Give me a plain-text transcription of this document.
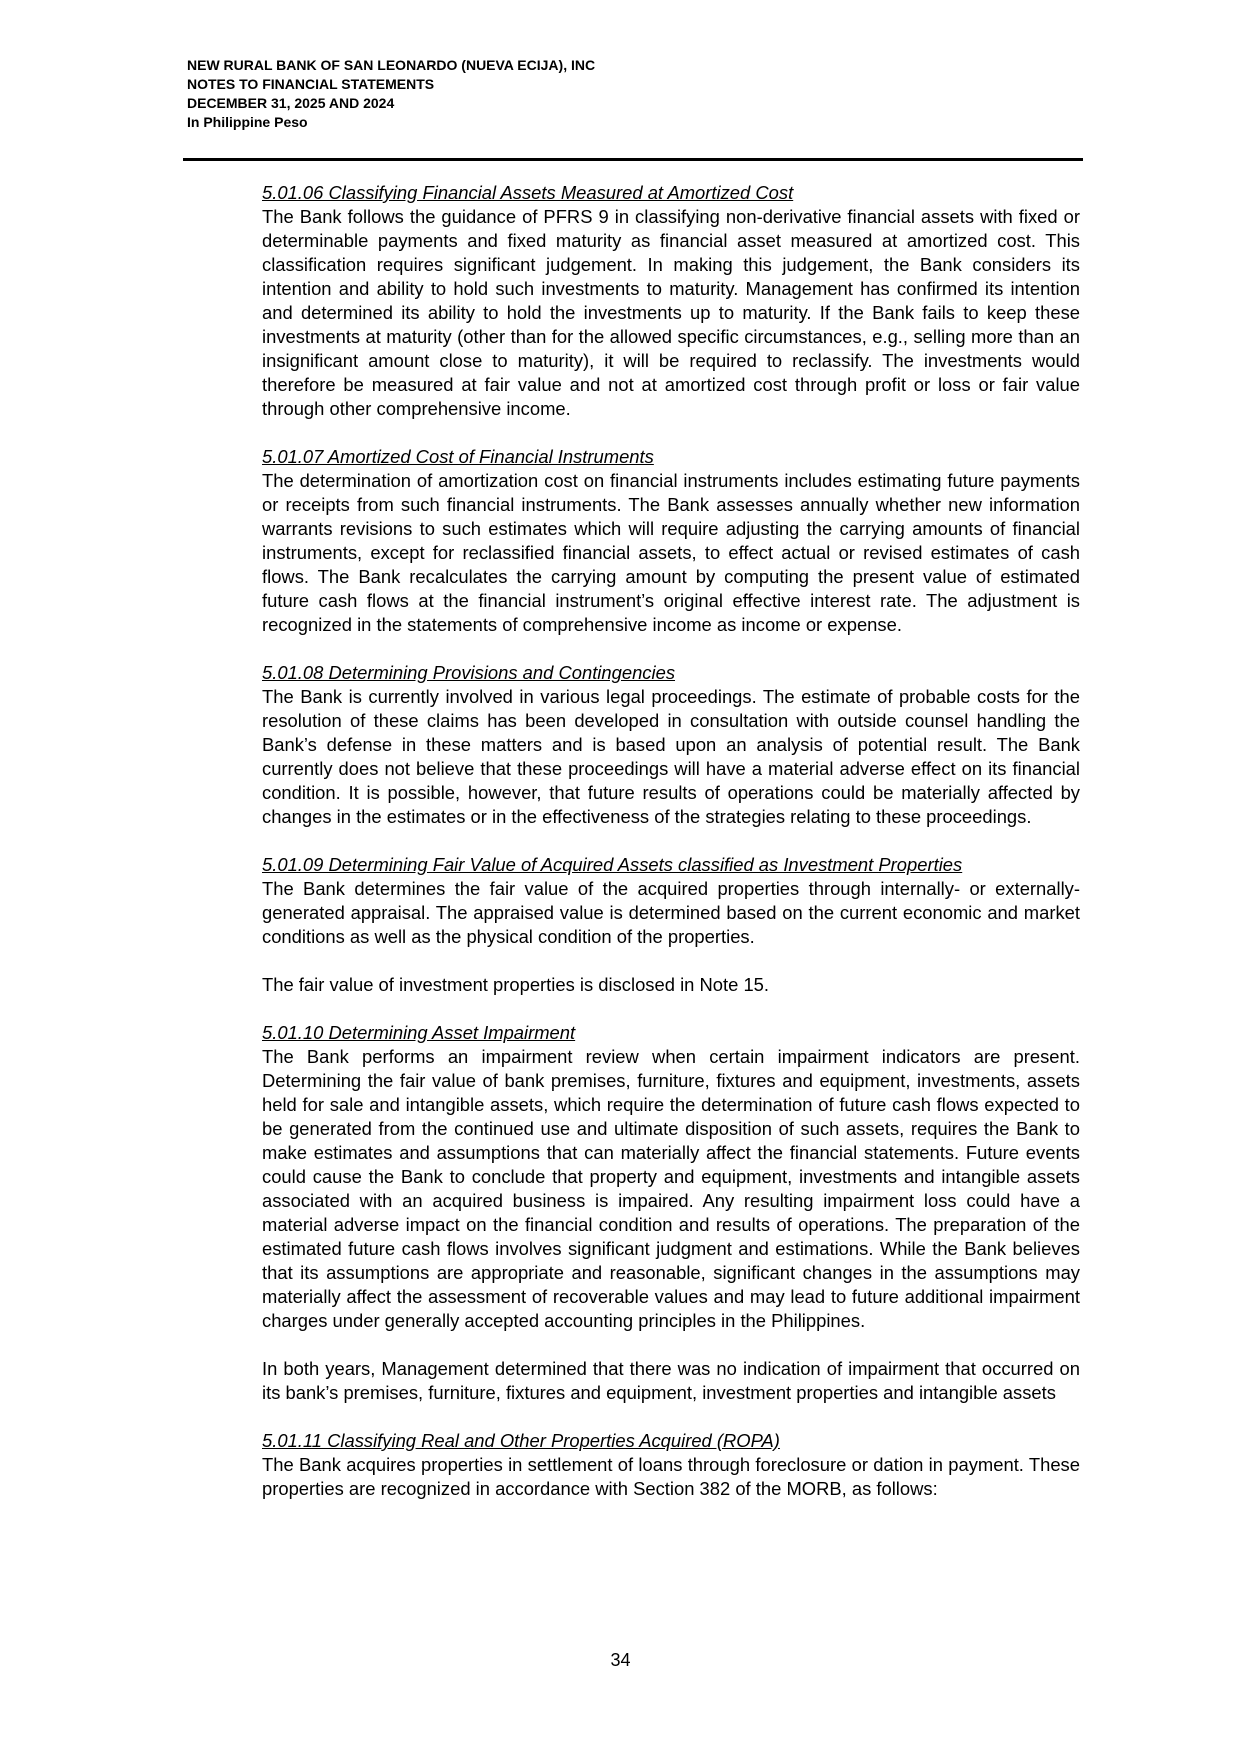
NEW RURAL BANK OF SAN LEONARDO (NUEVA ECIJA), INC
NOTES TO FINANCIAL STATEMENTS
DECEMBER 31, 2025 AND 2024
In Philippine Peso
5.01.06 Classifying Financial Assets Measured at Amortized Cost

The Bank follows the guidance of PFRS 9 in classifying non-derivative financial assets with fixed or determinable payments and fixed maturity as financial asset measured at amortized cost. This classification requires significant judgement. In making this judgement, the Bank considers its intention and ability to hold such investments to maturity. Management has confirmed its intention and determined its ability to hold the investments up to maturity. If the Bank fails to keep these investments at maturity (other than for the allowed specific circumstances, e.g., selling more than an insignificant amount close to maturity), it will be required to reclassify. The investments would therefore be measured at fair value and not at amortized cost through profit or loss or fair value through other comprehensive income.

5.01.07 Amortized Cost of Financial Instruments

The determination of amortization cost on financial instruments includes estimating future payments or receipts from such financial instruments. The Bank assesses annually whether new information warrants revisions to such estimates which will require adjusting the carrying amounts of financial instruments, except for reclassified financial assets, to effect actual or revised estimates of cash flows. The Bank recalculates the carrying amount by computing the present value of estimated future cash flows at the financial instrument’s original effective interest rate. The adjustment is recognized in the statements of comprehensive income as income or expense.

5.01.08 Determining Provisions and Contingencies

The Bank is currently involved in various legal proceedings. The estimate of probable costs for the resolution of these claims has been developed in consultation with outside counsel handling the Bank’s defense in these matters and is based upon an analysis of potential result. The Bank currently does not believe that these proceedings will have a material adverse effect on its financial condition. It is possible, however, that future results of operations could be materially affected by changes in the estimates or in the effectiveness of the strategies relating to these proceedings.

5.01.09 Determining Fair Value of Acquired Assets classified as Investment Properties

The Bank determines the fair value of the acquired properties through internally- or externally-generated appraisal. The appraised value is determined based on the current economic and market conditions as well as the physical condition of the properties.

The fair value of investment properties is disclosed in Note 15.

5.01.10 Determining Asset Impairment

The Bank performs an impairment review when certain impairment indicators are present. Determining the fair value of bank premises, furniture, fixtures and equipment, investments, assets held for sale and intangible assets, which require the determination of future cash flows expected to be generated from the continued use and ultimate disposition of such assets, requires the Bank to make estimates and assumptions that can materially affect the financial statements. Future events could cause the Bank to conclude that property and equipment, investments and intangible assets associated with an acquired business is impaired. Any resulting impairment loss could have a material adverse impact on the financial condition and results of operations. The preparation of the estimated future cash flows involves significant judgment and estimations. While the Bank believes that its assumptions are appropriate and reasonable, significant changes in the assumptions may materially affect the assessment of recoverable values and may lead to future additional impairment charges under generally accepted accounting principles in the Philippines.

In both years, Management determined that there was no indication of impairment that occurred on its bank’s premises, furniture, fixtures and equipment, investment properties and intangible assets

5.01.11 Classifying Real and Other Properties Acquired (ROPA)

The Bank acquires properties in settlement of loans through foreclosure or dation in payment. These properties are recognized in accordance with Section 382 of the MORB, as follows:

34
